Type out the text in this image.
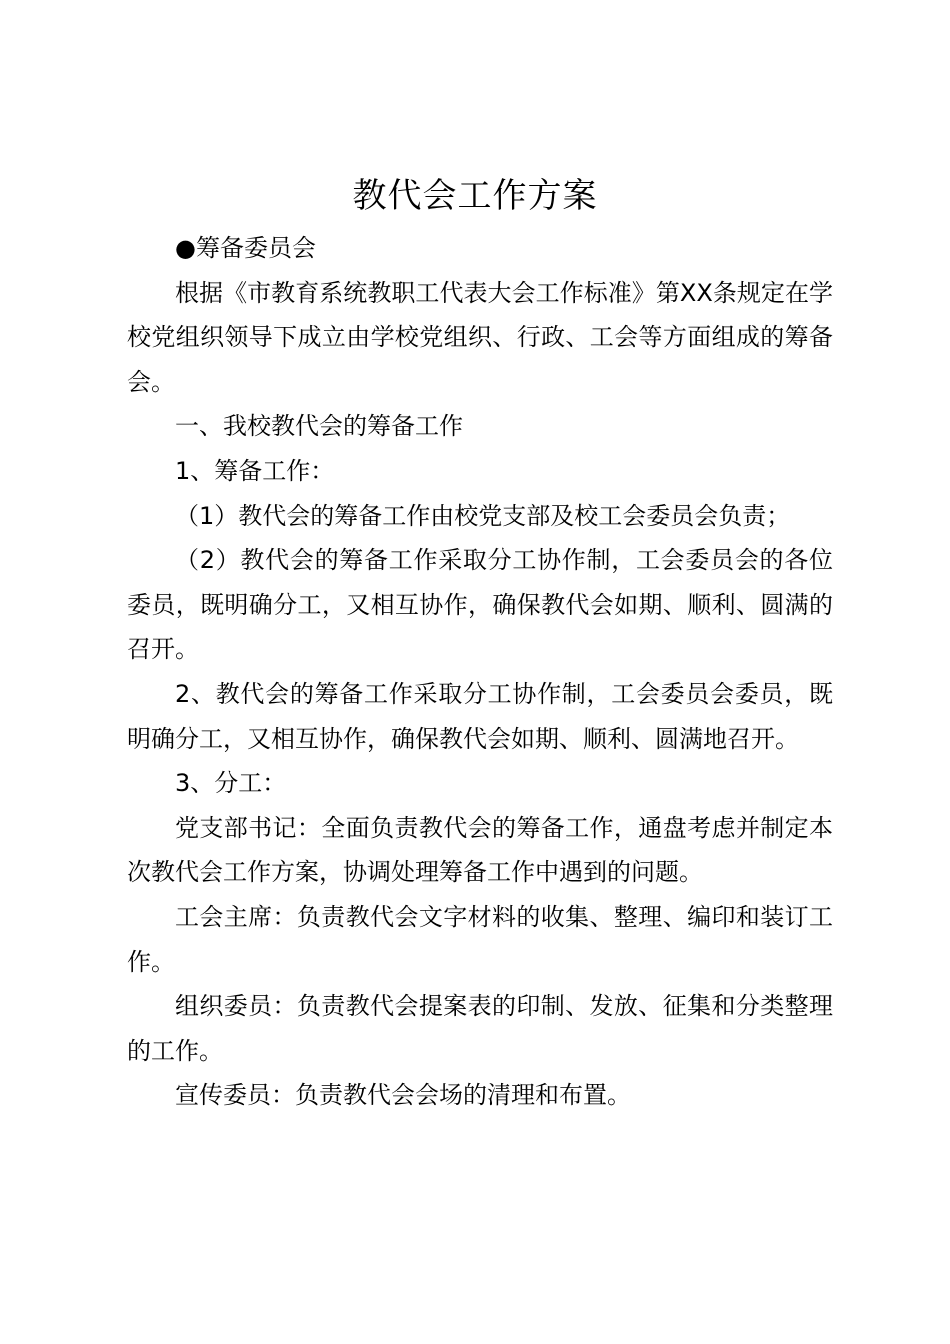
教代会工作方案

●筹备委员会

根据《市教育系统教职工代表大会工作标准》第XX条规定在学校党组织领导下成立由学校党组织、行政、工会等方面组成的筹备会。

一、我校教代会的筹备工作

1、筹备工作：

（1）教代会的筹备工作由校党支部及校工会委员会负责；

（2）教代会的筹备工作采取分工协作制，工会委员会的各位委员，既明确分工，又相互协作，确保教代会如期、顺利、圆满的召开。

2、教代会的筹备工作采取分工协作制，工会委员会委员，既明确分工，又相互协作，确保教代会如期、顺利、圆满地召开。

3、分工：

党支部书记：全面负责教代会的筹备工作，通盘考虑并制定本次教代会工作方案，协调处理筹备工作中遇到的问题。

工会主席：负责教代会文字材料的收集、整理、编印和装订工作。

组织委员：负责教代会提案表的印制、发放、征集和分类整理的工作。

宣传委员：负责教代会会场的清理和布置。
